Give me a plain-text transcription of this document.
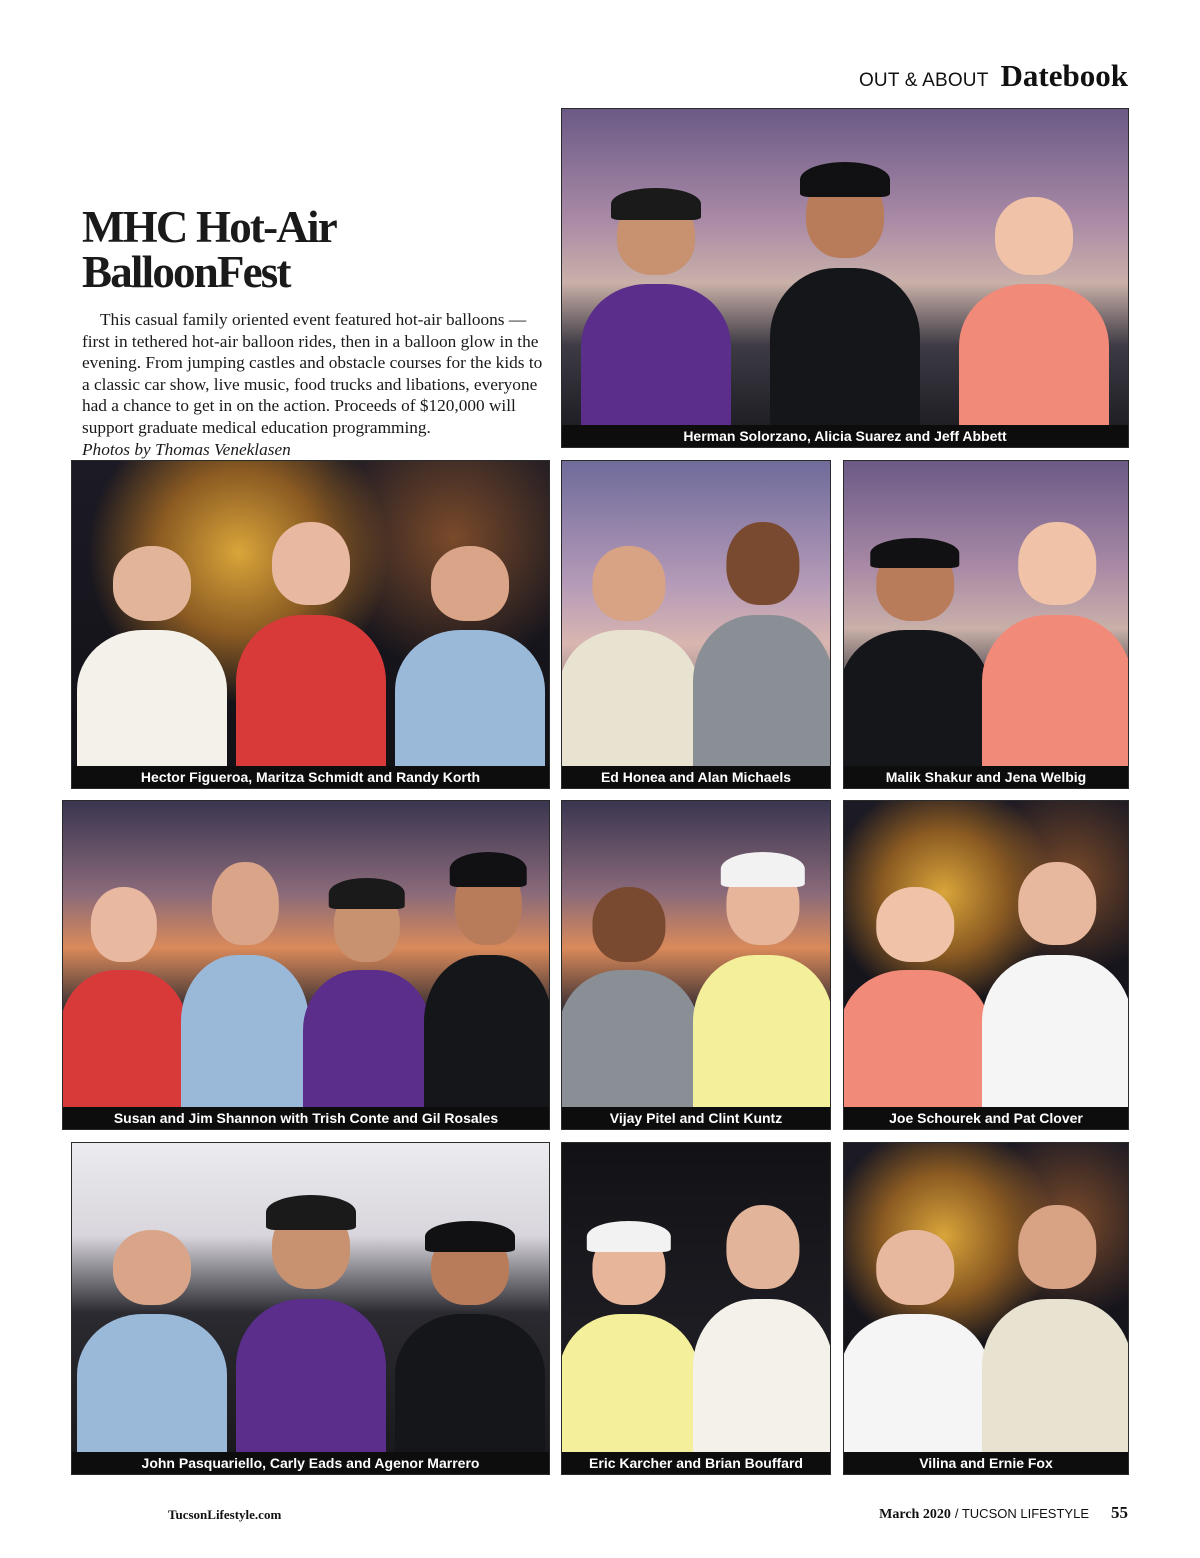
OUT & ABOUT Datebook
MHC Hot-Air BalloonFest

This casual family oriented event featured hot-air balloons — first in tethered hot-air balloon rides, then in a balloon glow in the evening. From jumping castles and obstacle courses for the kids to a classic car show, live music, food trucks and libations, everyone had a chance to get in on the action. Proceeds of $120,000 will support graduate medical education programming.

Photos by Thomas Veneklasen

Herman Solorzano, Alicia Suarez and Jeff Abbett
Hector Figueroa, Maritza Schmidt and Randy Korth	Ed Honea and Alan Michaels	Malik Shakur and Jena Welbig
Susan and Jim Shannon with Trish Conte and Gil Rosales	Vijay Pitel and Clint Kuntz	Joe Schourek and Pat Clover
John Pasquariello, Carly Eads and Agenor Marrero	Eric Karcher and Brian Bouffard	Vilina and Ernie Fox
TucsonLifestyle.com	March 2020 / TUCSON LIFESTYLE 55
